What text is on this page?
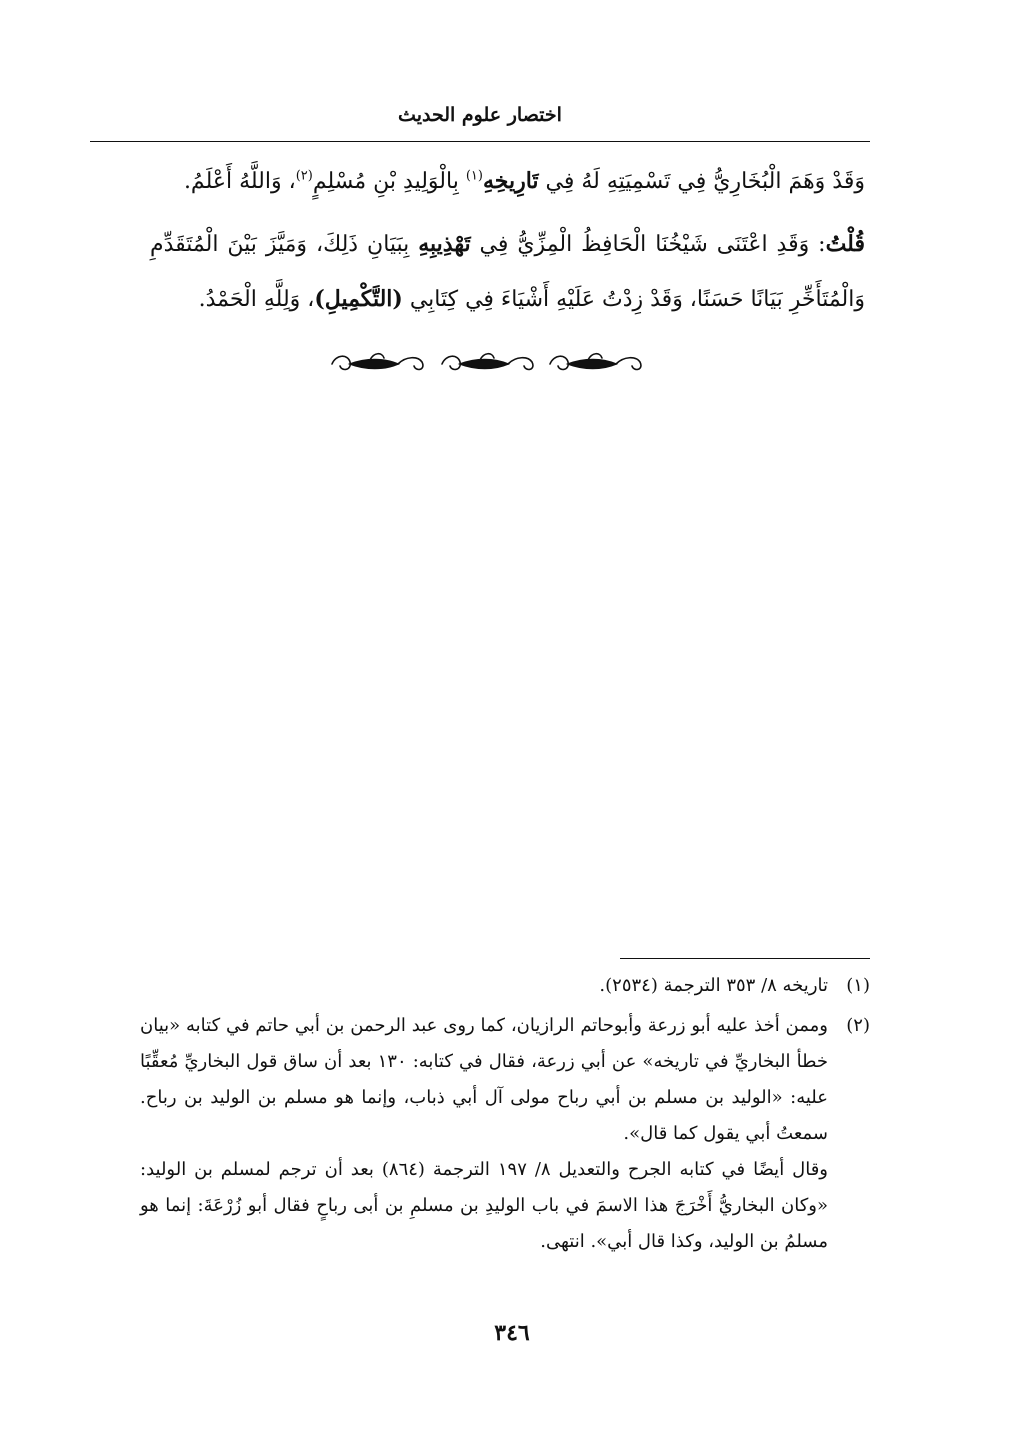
اختصار علوم الحديث

وَقَدْ وَهَمَ الْبُخَارِيُّ فِي تَسْمِيَتِهِ لَهُ فِي تَارِيخِهِ$^{(١)}$ بِالْوَلِيدِ بْنِ مُسْلِمٍ$^{(٢)}$، وَاللَّهُ أَعْلَمُ.

قُلْتُ: وَقَدِ اعْتَنَى شَيْخُنَا الْحَافِظُ الْمِزِّيُّ فِي تَهْذِيبِهِ بِبَيَانِ ذَلِكَ، وَمَيَّزَ بَيْنَ الْمُتَقَدِّمِ وَالْمُتَأَخِّرِ بَيَانًا حَسَنًا، وَقَدْ زِدْتُ عَلَيْهِ أَشْيَاءَ فِي كِتَابِي (التَّكْمِيلِ)، وَلِلَّهِ الْحَمْدُ.

(١)

تاريخه ٨/ ٣٥٣ الترجمة (٢٥٣٤).

(٢)

وممن أخذ عليه أبو زرعة وأبوحاتم الرازيان، كما روى عبد الرحمن بن أبي حاتم في كتابه «بيان خطأ البخاريِّ في تاريخه» عن أبي زرعة، فقال في كتابه: ١٣٠ بعد أن ساق قول البخاريِّ مُعقِّبًا عليه: «الوليد بن مسلم بن أبي رباح مولى آل أبي ذباب، وإنما هو مسلم بن الوليد بن رباح. سمعتُ أبي يقول كما قال».

وقال أيضًا في كتابه الجرح والتعديل ٨/ ١٩٧ الترجمة (٨٦٤) بعد أن ترجم لمسلم بن الوليد: «وكان البخاريُّ أَخْرَجَ هذا الاسمَ في باب الوليدِ بن مسلمِ بن أبى رباحٍ فقال أبو زُرْعَةَ: إنما هو مسلمُ بن الوليد، وكذا قال أبي». انتهى.

٣٤٦
